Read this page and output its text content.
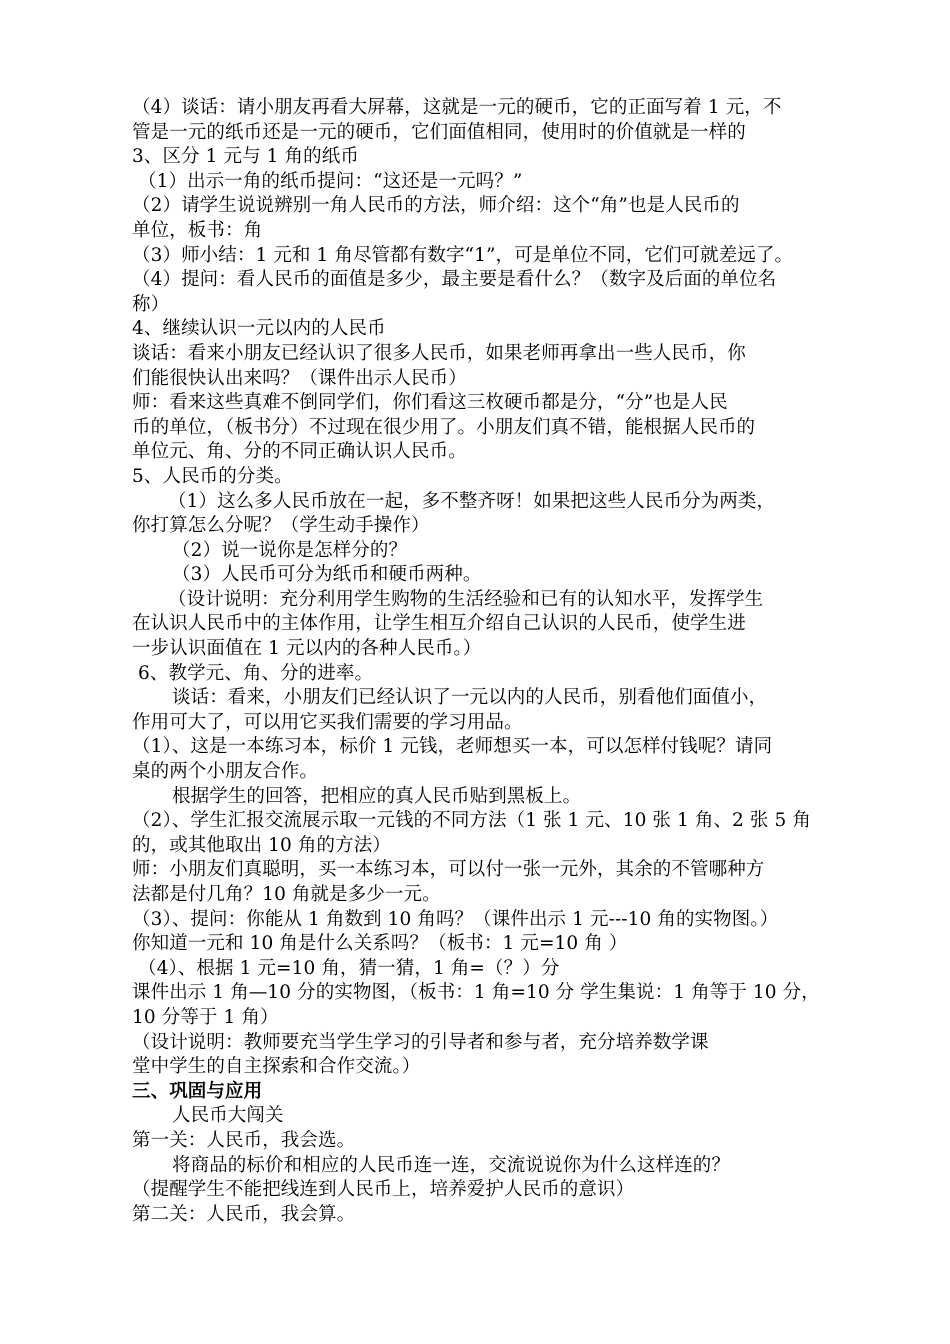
（4）谈话：请小朋友再看大屏幕，这就是一元的硬币，它的正面写着 1 元，不
管是一元的纸币还是一元的硬币，它们面值相同，使用时的价值就是一样的
3、区分 1 元与 1 角的纸币
（1）出示一角的纸币提问：“这还是一元吗？”
（2）请学生说说辨别一角人民币的方法，师介绍：这个“角”也是人民币的
单位，板书：角
（3）师小结：1 元和 1 角尽管都有数字“1”，可是单位不同，它们可就差远了。
（4）提问：看人民币的面值是多少，最主要是看什么？（数字及后面的单位名
称）
4、继续认识一元以内的人民币
谈话：看来小朋友已经认识了很多人民币，如果老师再拿出一些人民币，你
们能很快认出来吗？（课件出示人民币）
师：看来这些真难不倒同学们，你们看这三枚硬币都是分，“分”也是人民
币的单位，（板书分）不过现在很少用了。小朋友们真不错，能根据人民币的
单位元、角、分的不同正确认识人民币。
5、人民币的分类。
（1）这么多人民币放在一起，多不整齐呀！如果把这些人民币分为两类，
你打算怎么分呢？（学生动手操作）
（2）说一说你是怎样分的？
（3）人民币可分为纸币和硬币两种。
（设计说明：充分利用学生购物的生活经验和已有的认知水平，发挥学生
在认识人民币中的主体作用，让学生相互介绍自己认识的人民币，使学生进
一步认识面值在 1 元以内的各种人民币。）
6、教学元、角、分的进率。
谈话：看来，小朋友们已经认识了一元以内的人民币，别看他们面值小，
作用可大了，可以用它买我们需要的学习用品。
（1）、这是一本练习本，标价 1 元钱，老师想买一本，可以怎样付钱呢？请同
桌的两个小朋友合作。
根据学生的回答，把相应的真人民币贴到黑板上。
（2）、学生汇报交流展示取一元钱的不同方法（1 张 1 元、10 张 1 角、2 张 5 角
的，或其他取出 10 角的方法）
师：小朋友们真聪明，买一本练习本，可以付一张一元外，其余的不管哪种方
法都是付几角？10 角就是多少一元。
（3）、提问：你能从 1 角数到 10 角吗？（课件出示 1 元---10 角的实物图。）
你知道一元和 10 角是什么关系吗？（板书：1 元=10 角 ）
（4）、根据 1 元=10 角，猜一猜，1 角=（？）分
课件出示 1 角—10 分的实物图，（板书：1 角=10 分 学生集说：1 角等于 10 分，
10 分等于 1 角）
（设计说明：教师要充当学生学习的引导者和参与者，充分培养数学课
堂中学生的自主探索和合作交流。）
三、巩固与应用
人民币大闯关
第一关：人民币，我会选。
将商品的标价和相应的人民币连一连，交流说说你为什么这样连的？
（提醒学生不能把线连到人民币上，培养爱护人民币的意识）
第二关：人民币，我会算。
